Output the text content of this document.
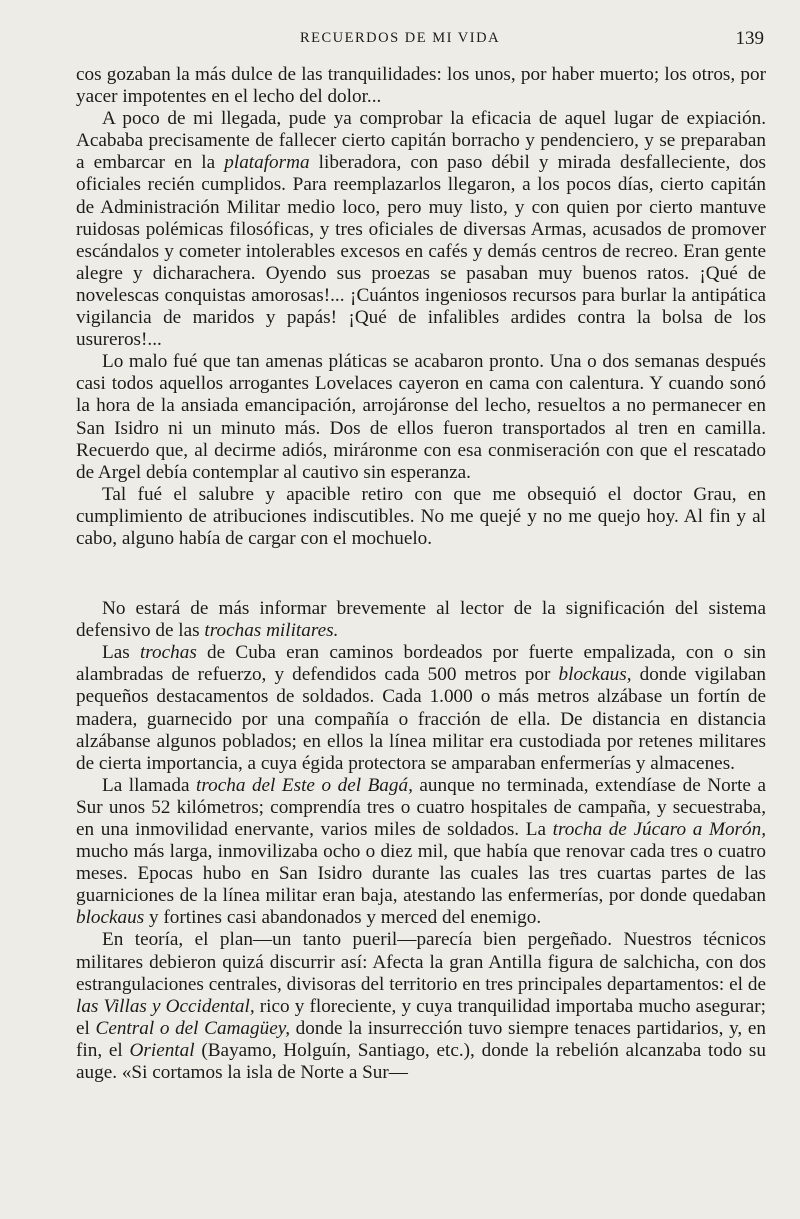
RECUERDOS DE MI VIDA	139

cos gozaban la más dulce de las tranquilidades: los unos, por haber muerto; los otros, por yacer impotentes en el lecho del dolor...

A poco de mi llegada, pude ya comprobar la eficacia de aquel lugar de expiación. Acababa precisamente de fallecer cierto capitán borracho y pendenciero, y se preparaban a embarcar en la plataforma liberadora, con paso débil y mirada desfalleciente, dos oficiales recién cumplidos. Para reemplazarlos llegaron, a los pocos días, cierto capitán de Administración Militar medio loco, pero muy listo, y con quien por cierto mantuve ruidosas polémicas filosóficas, y tres oficiales de diversas Armas, acusados de promover escándalos y cometer intolerables excesos en cafés y demás centros de recreo. Eran gente alegre y dicharachera. Oyendo sus proezas se pasaban muy buenos ratos. ¡Qué de novelescas conquistas amorosas!... ¡Cuántos ingeniosos recursos para burlar la antipática vigilancia de maridos y papás! ¡Qué de infalibles ardides contra la bolsa de los usureros!...

Lo malo fué que tan amenas pláticas se acabaron pronto. Una o dos semanas después casi todos aquellos arrogantes Lovelaces cayeron en cama con calentura. Y cuando sonó la hora de la ansiada emancipación, arrojáronse del lecho, resueltos a no permanecer en San Isidro ni un minuto más. Dos de ellos fueron transportados al tren en camilla. Recuerdo que, al decirme adiós, miráronme con esa conmiseración con que el rescatado de Argel debía contemplar al cautivo sin esperanza.

Tal fué el salubre y apacible retiro con que me obsequió el doctor Grau, en cumplimiento de atribuciones indiscutibles. No me quejé y no me quejo hoy. Al fin y al cabo, alguno había de cargar con el mochuelo.

No estará de más informar brevemente al lector de la significación del sistema defensivo de las trochas militares.

Las trochas de Cuba eran caminos bordeados por fuerte empalizada, con o sin alambradas de refuerzo, y defendidos cada 500 metros por blockaus, donde vigilaban pequeños destacamentos de soldados. Cada 1.000 o más metros alzábase un fortín de madera, guarnecido por una compañía o fracción de ella. De distancia en distancia alzábanse algunos poblados; en ellos la línea militar era custodiada por retenes militares de cierta importancia, a cuya égida protectora se amparaban enfermerías y almacenes.

La llamada trocha del Este o del Bagá, aunque no terminada, extendíase de Norte a Sur unos 52 kilómetros; comprendía tres o cuatro hospitales de campaña, y secuestraba, en una inmovilidad enervante, varios miles de soldados. La trocha de Júcaro a Morón, mucho más larga, inmovilizaba ocho o diez mil, que había que renovar cada tres o cuatro meses. Epocas hubo en San Isidro durante las cuales las tres cuartas partes de las guarniciones de la línea militar eran baja, atestando las enfermerías, por donde quedaban blockaus y fortines casi abandonados y merced del enemigo.

En teoría, el plan—un tanto pueril—parecía bien pergeñado. Nuestros técnicos militares debieron quizá discurrir así: Afecta la gran Antilla figura de salchicha, con dos estrangulaciones centrales, divisoras del territorio en tres principales departamentos: el de las Villas y Occidental, rico y floreciente, y cuya tranquilidad importaba mucho asegurar; el Central o del Camagüey, donde la insurrección tuvo siempre tenaces partidarios, y, en fin, el Oriental (Bayamo, Holguín, Santiago, etc.), donde la rebelión alcanzaba todo su auge. «Si cortamos la isla de Norte a Sur—
